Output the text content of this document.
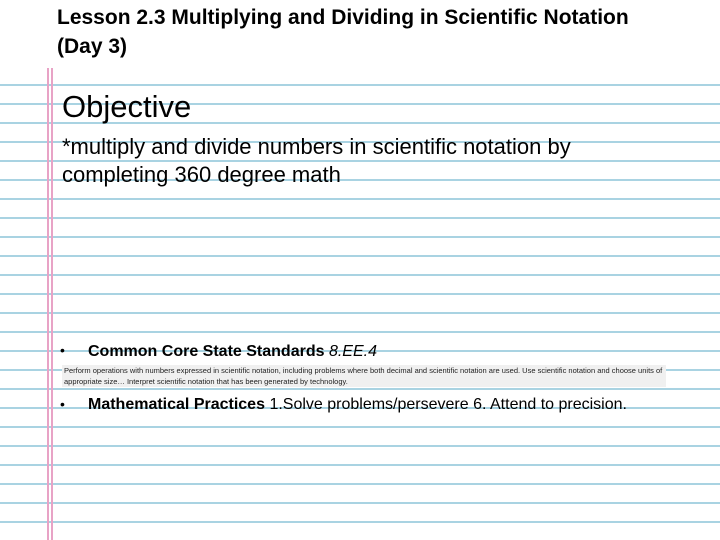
Lesson 2.3 Multiplying and Dividing in Scientific Notation (Day 3)
Objective

*multiply and divide numbers in scientific notation by completing 360 degree math

• Common Core State Standards 8.EE.4

Perform operations with numbers expressed in scientific notation, including problems where both decimal and scientific notation are used. Use scientific notation and choose units of appropriate size… Interpret scientific notation that has been generated by technology.
• Mathematical Practices 1.Solve problems/persevere 6. Attend to precision.
